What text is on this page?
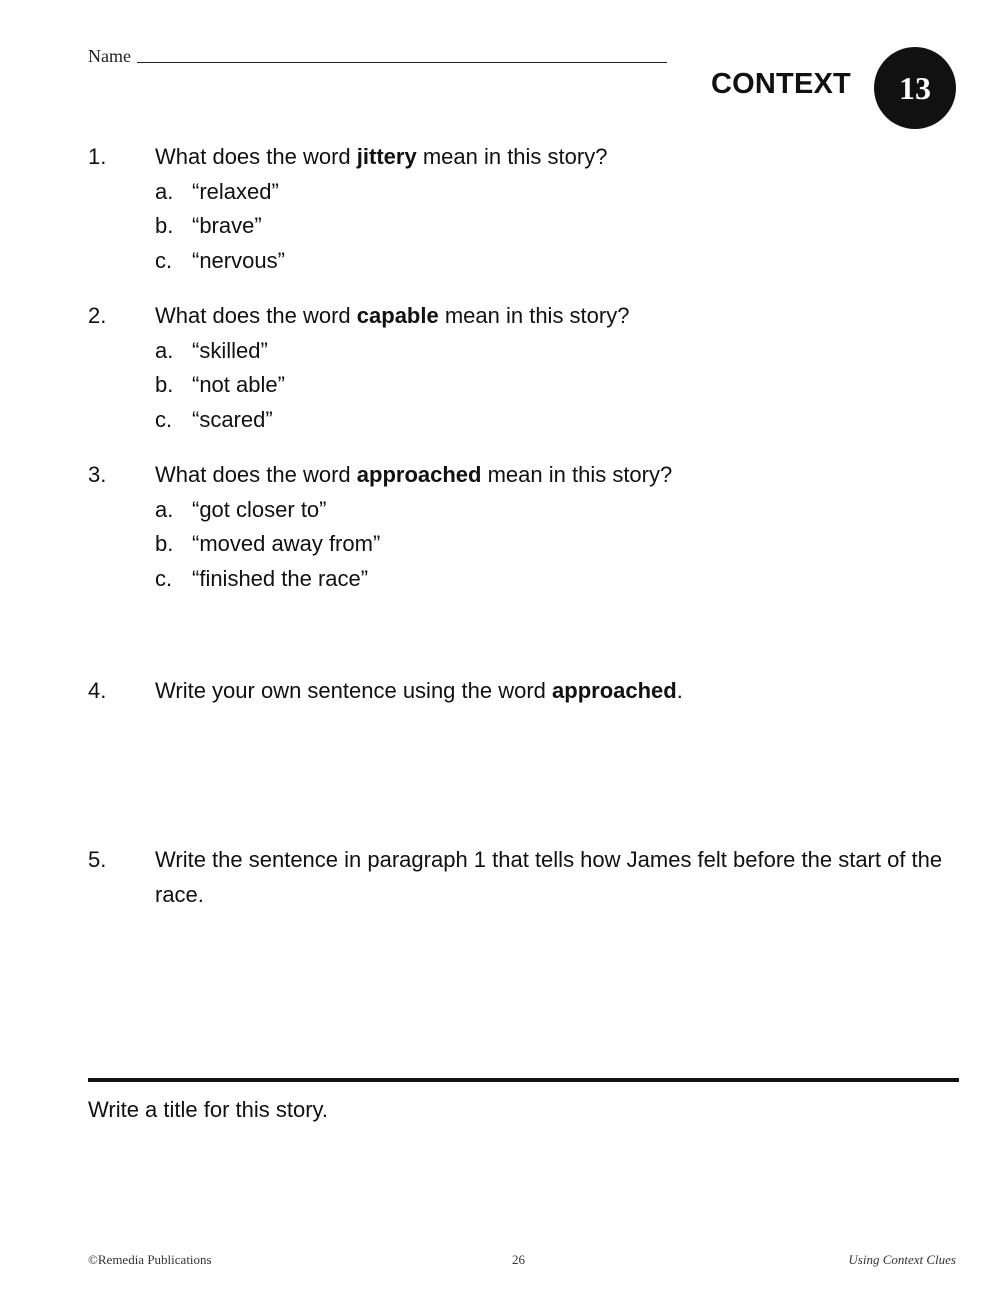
Name
CONTEXT 13
1.	What does the word jittery mean in this story?
a. “relaxed”
b. “brave”
c. “nervous”
2.	What does the word capable mean in this story?
a. “skilled”
b. “not able”
c. “scared”
3.	What does the word approached mean in this story?
a. “got closer to”
b. “moved away from”
c. “finished the race”
4.	Write your own sentence using the word approached.
5.	Write the sentence in paragraph 1 that tells how James felt before the start of the race.
Write a title for this story.
©Remedia Publications	26	Using Context Clues
